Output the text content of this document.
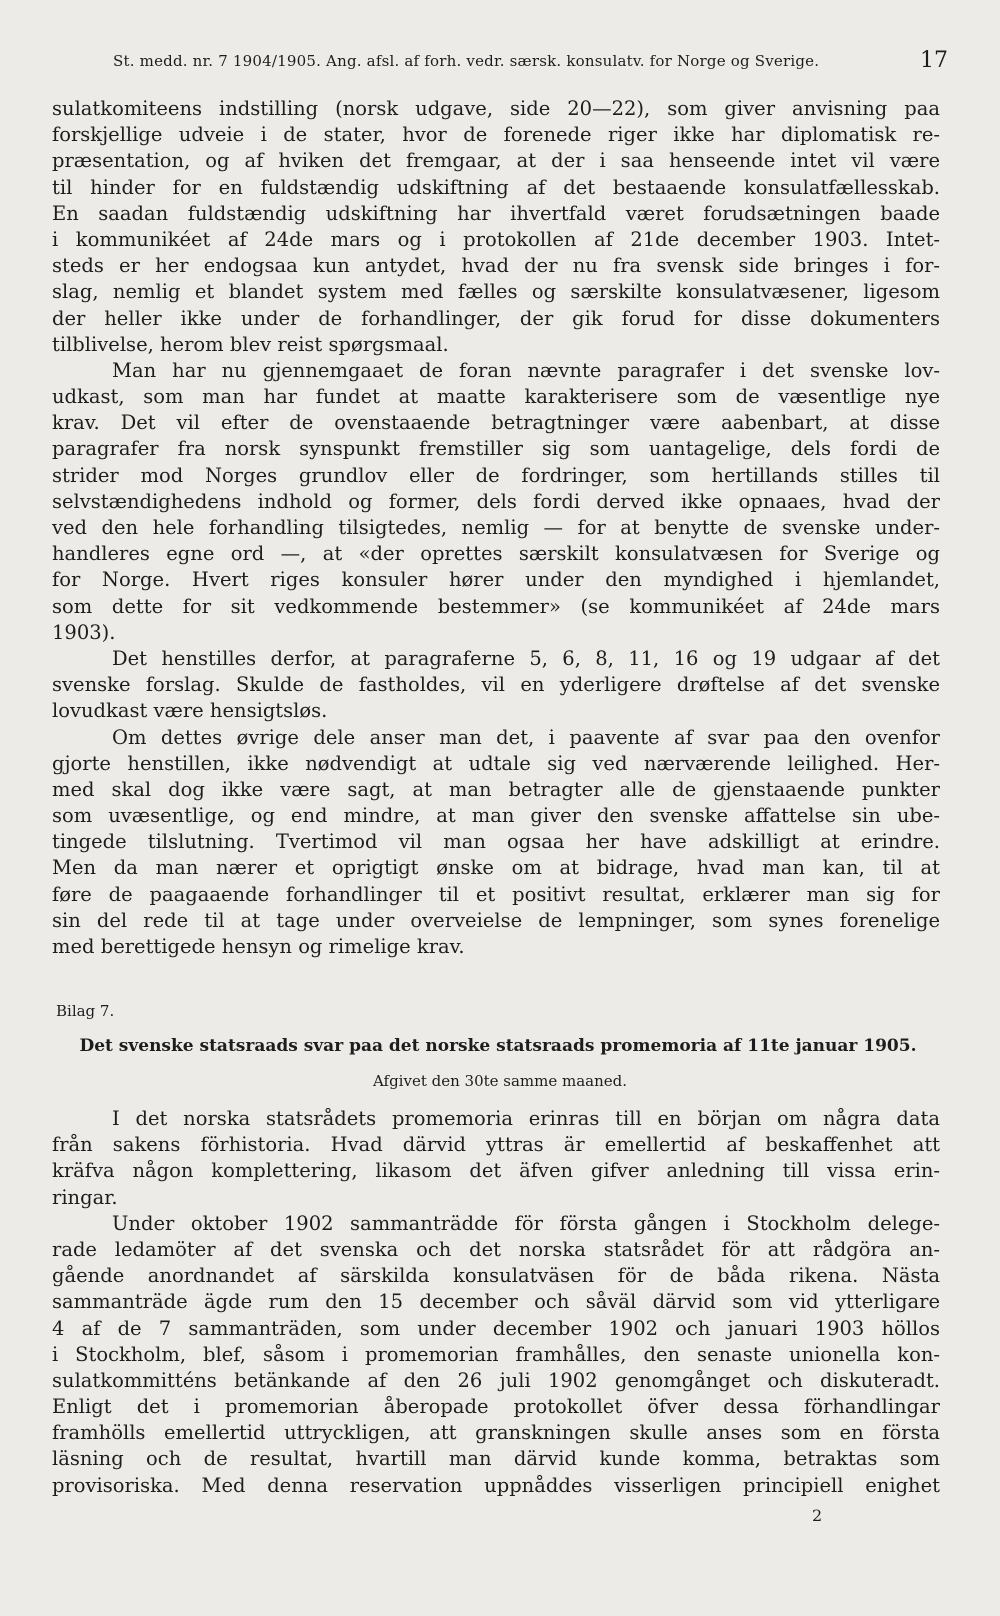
St. medd. nr. 7 1904/1905. Ang. afsl. af forh. vedr. særsk. konsulatv. for Norge og Sverige.	17
sulatkomiteens indstilling (norsk udgave, side 20—22), som giver anvisning paa
forskjellige udveie i de stater, hvor de forenede riger ikke har diplomatisk re-
præsentation, og af hviken det fremgaar, at der i saa henseende intet vil være
til hinder for en fuldstændig udskiftning af det bestaaende konsulatfællesskab.
En saadan fuldstændig udskiftning har ihvertfald været forudsætningen baade
i kommunikéet af 24de mars og i protokollen af 21de december 1903. Intet-
steds er her endogsaa kun antydet, hvad der nu fra svensk side bringes i for-
slag, nemlig et blandet system med fælles og særskilte konsulatvæsener, ligesom
der heller ikke under de forhandlinger, der gik forud for disse dokumenters
tilblivelse, herom blev reist spørgsmaal.
Man har nu gjennemgaaet de foran nævnte paragrafer i det svenske lov-
udkast, som man har fundet at maatte karakterisere som de væsentlige nye
krav. Det vil efter de ovenstaaende betragtninger være aabenbart, at disse
paragrafer fra norsk synspunkt fremstiller sig som uantagelige, dels fordi de
strider mod Norges grundlov eller de fordringer, som hertillands stilles til
selvstændighedens indhold og former, dels fordi derved ikke opnaaes, hvad der
ved den hele forhandling tilsigtedes, nemlig — for at benytte de svenske under-
handleres egne ord —, at «der oprettes særskilt konsulatvæsen for Sverige og
for Norge. Hvert riges konsuler hører under den myndighed i hjemlandet,
som dette for sit vedkommende bestemmer» (se kommunikéet af 24de mars
1903).
Det henstilles derfor, at paragraferne 5, 6, 8, 11, 16 og 19 udgaar af det
svenske forslag. Skulde de fastholdes, vil en yderligere drøftelse af det svenske
lovudkast være hensigtsløs.
Om dettes øvrige dele anser man det, i paavente af svar paa den ovenfor
gjorte henstillen, ikke nødvendigt at udtale sig ved nærværende leilighed. Her-
med skal dog ikke være sagt, at man betragter alle de gjenstaaende punkter
som uvæsentlige, og end mindre, at man giver den svenske affattelse sin ube-
tingede tilslutning. Tvertimod vil man ogsaa her have adskilligt at erindre.
Men da man nærer et oprigtigt ønske om at bidrage, hvad man kan, til at
føre de paagaaende forhandlinger til et positivt resultat, erklærer man sig for
sin del rede til at tage under overveielse de lempninger, som synes forenelige
med berettigede hensyn og rimelige krav.
Bilag 7.
Det svenske statsraads svar paa det norske statsraads promemoria af 11te januar 1905.
Afgivet den 30te samme maaned.
I det norska statsrådets promemoria erinras till en början om några data
från sakens förhistoria. Hvad därvid yttras är emellertid af beskaffenhet att
kräfva någon komplettering, likasom det äfven gifver anledning till vissa erin-
ringar.
Under oktober 1902 sammanträdde för första gången i Stockholm delege-
rade ledamöter af det svenska och det norska statsrådet för att rådgöra an-
gående anordnandet af särskilda konsulatväsen för de båda rikena. Nästa
sammanträde ägde rum den 15 december och såväl därvid som vid ytterligare
4 af de 7 sammanträden, som under december 1902 och januari 1903 höllos
i Stockholm, blef, såsom i promemorian framhålles, den senaste unionella kon-
sulatkommitténs betänkande af den 26 juli 1902 genomgånget och diskuteradt.
Enligt det i promemorian åberopade protokollet öfver dessa förhandlingar
framhölls emellertid uttryckligen, att granskningen skulle anses som en första
läsning och de resultat, hvartill man därvid kunde komma, betraktas som
provisoriska. Med denna reservation uppnåddes visserligen principiell enighet
2
